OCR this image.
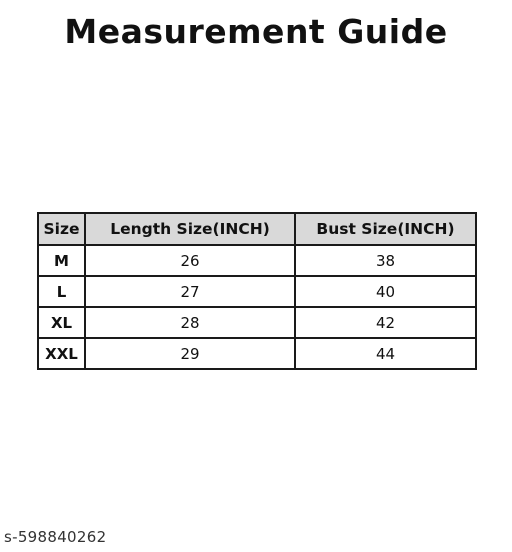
Measurement Guide
Size	Length Size(INCH)	Bust Size(INCH)
M	26	38
L	27	40
XL	28	42
XXL	29	44
s-598840262
